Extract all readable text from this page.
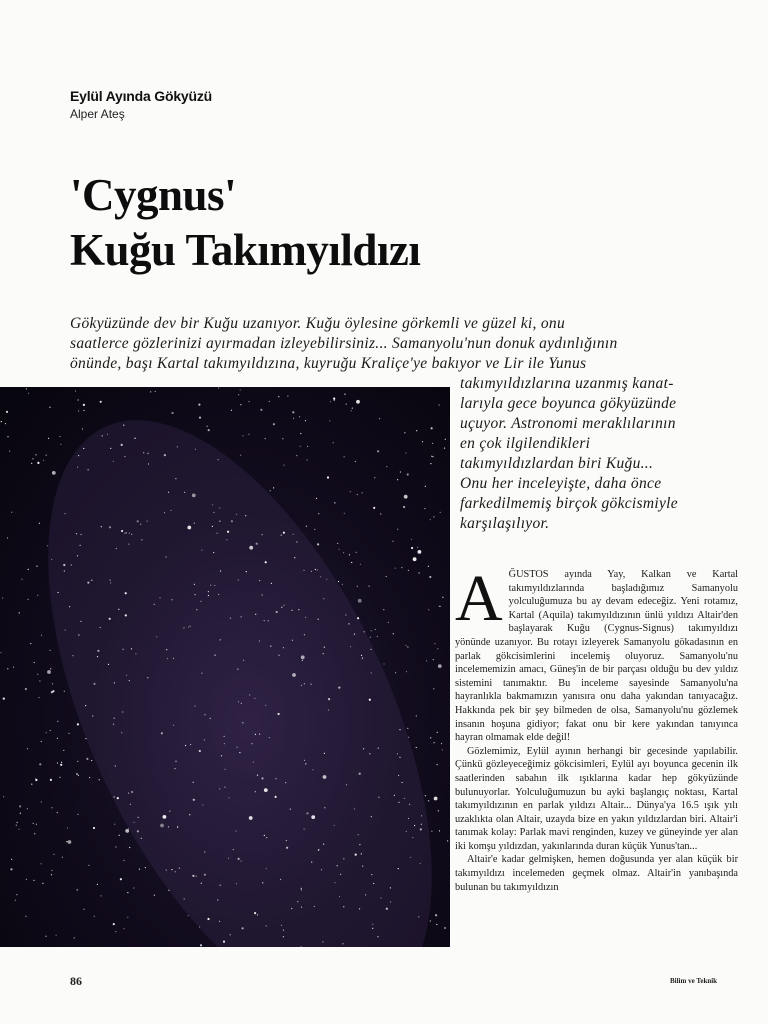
Eylül Ayında Gökyüzü
Alper Ateş
'Cygnus'
Kuğu Takımyıldızı
Gökyüzünde dev bir Kuğu uzanıyor. Kuğu öylesine görkemli ve güzel ki, onu
saatlerce gözlerinizi ayırmadan izleyebilirsiniz... Samanyolu'nun donuk aydınlığının
önünde, başı Kartal takımyıldızına, kuyruğu Kraliçe'ye bakıyor ve Lir ile Yunus
takımyıldızlarına uzanmış kanat-
larıyla gece boyunca gökyüzünde
uçuyor. Astronomi meraklılarının
en çok ilgilendikleri
takımyıldızlardan biri Kuğu...
Onu her inceleyişte, daha önce
farkedilmemiş birçok gökcismiyle
karşılaşılıyor.

AĞUSTOS ayında Yay, Kalkan ve Kartal takımyıldızlarında başladığımız Samanyolu yolculuğumuza bu ay devam edeceğiz. Yeni rotamız, Kartal (Aquila) takımyıldızının ünlü yıldızı Altair'den başlayarak Kuğu (Cygnus-Signus) takımyıldızı yönünde uzanıyor. Bu rotayı izleyerek Samanyolu gökadasının en parlak gökcisimlerini incelemiş oluyoruz. Samanyolu'nu incelememizin amacı, Güneş'in de bir parçası olduğu bu dev yıldız sistemini tanımaktır. Bu inceleme sayesinde Samanyolu'na hayranlıkla bakmamızın yanısıra onu daha yakından tanıyacağız. Hakkında pek bir şey bilmeden de olsa, Samanyolu'nu gözlemek insanın hoşuna gidiyor; fakat onu bir kere yakından tanıyınca hayran olmamak elde değil!

Gözlemimiz, Eylül ayının herhangi bir gecesinde yapılabilir. Çünkü gözleyeceğimiz gökcisimleri, Eylül ayı boyunca gecenin ilk saatlerinden sabahın ilk ışıklarına kadar hep gökyüzünde bulunuyorlar. Yolculuğumuzun bu ayki başlangıç noktası, Kartal takımyıldızının en parlak yıldızı Altair... Dünya'ya 16.5 ışık yılı uzaklıkta olan Altair, uzayda bize en yakın yıldızlardan biri. Altair'i tanımak kolay: Parlak mavi renginden, kuzey ve güneyinde yer alan iki komşu yıldızdan, yakınlarında duran küçük Yunus'tan...

Altair'e kadar gelmişken, hemen doğusunda yer alan küçük bir takımyıldızı incelemeden geçmek olmaz. Altair'in yanıbaşında bulunan bu takımyıldızın

86	Bilim ve Teknik
